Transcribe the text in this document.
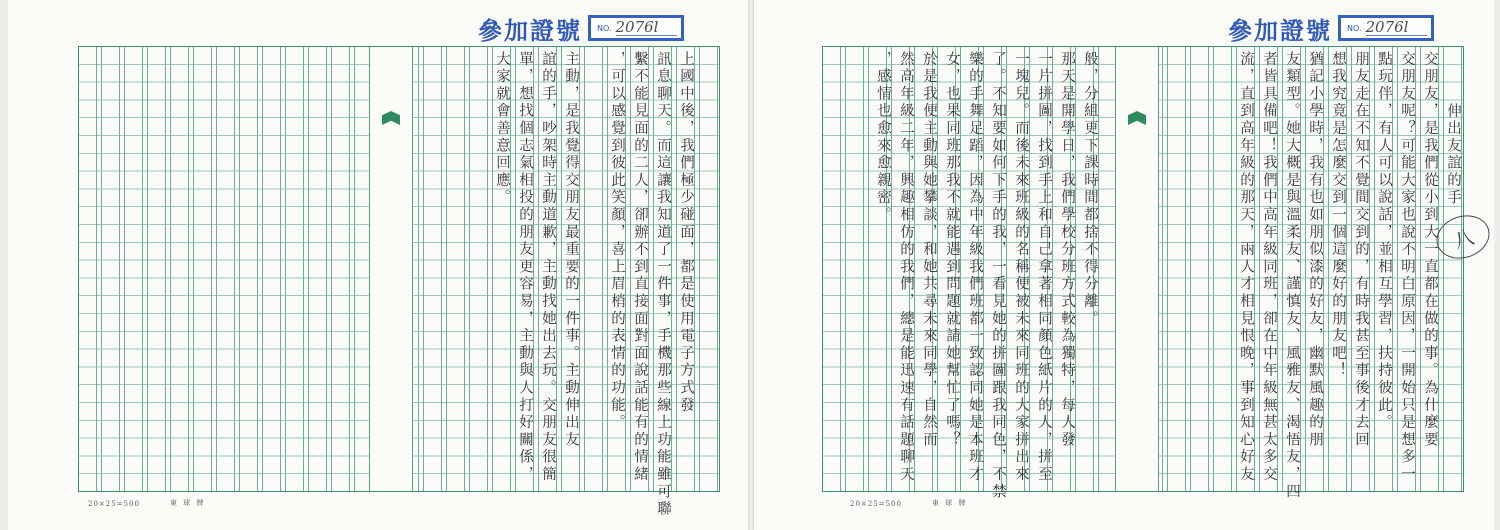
參加證號 NO. 2076l
上國中後，我們極少碰面，都是使用電子方式發
訊息聊天。而這讓我知道了一件事，手機那些線上功能雖可聯
繫不能見面的二人，卻辦不到直接面對面說話能有的情緒
，可以感覺到彼此笑顏，喜上眉梢的表情的功能。
主動，是我覺得交朋友最重要的一件事。主動伸出友
誼的手，吵架時主動道歉，主動找她出去玩。交朋友很簡
單，想找個志氣相投的朋友更容易，主動與人打好關係，
大家就會善意回應。
20×25=500	東 球 牌
參加證號 NO. 2076l
伸出友誼的手
交朋友，是我們從小到大一直都在做的事。為什麼要
交朋友呢？可能大家也說不明白原因，一開始只是想多一
點玩伴，有人可以說話，並相互學習，扶持彼此。
朋友走在不知不覺間交到的，有時我甚至事後才去回
想我究竟是怎麼交到一個這麼好的朋友吧！
猶記小學時，我有也如朋似漆的好友，幽默風趣的朋
友類型。她大概是與溫柔友、謹慎友、風雅友、渴悟友，四
者皆具備吧！我們中高年級同班，卻在中年級無甚太多交
流，直到高年級的那天，兩人才相見恨晚，事到知心好友
般，分組更下課時間都捨不得分離。
那天是開學日，我們學校分班方式較為獨特，每人發
一片拼圖，找到手上和自己拿著相同顏色紙片的人，拼至
一塊兒。而後未來班級的名稱便被未來同班的大家拼出來
了。不知要如何下手的我，一看見她的拼圖跟我同色，不禁
樂的手舞足蹈，因為中年級我們班都一致認同她是本班才
女，也果同班那我不就能遇到問題就請她幫忙了嗎？
於是我便主動與她攀談，和她共尋未來同學，自然而
然高年級二年，興趣相仿的我們，總是能迅速有話題聊天
，感情也愈來愈親密。
八
20×25=500	東 球 牌
